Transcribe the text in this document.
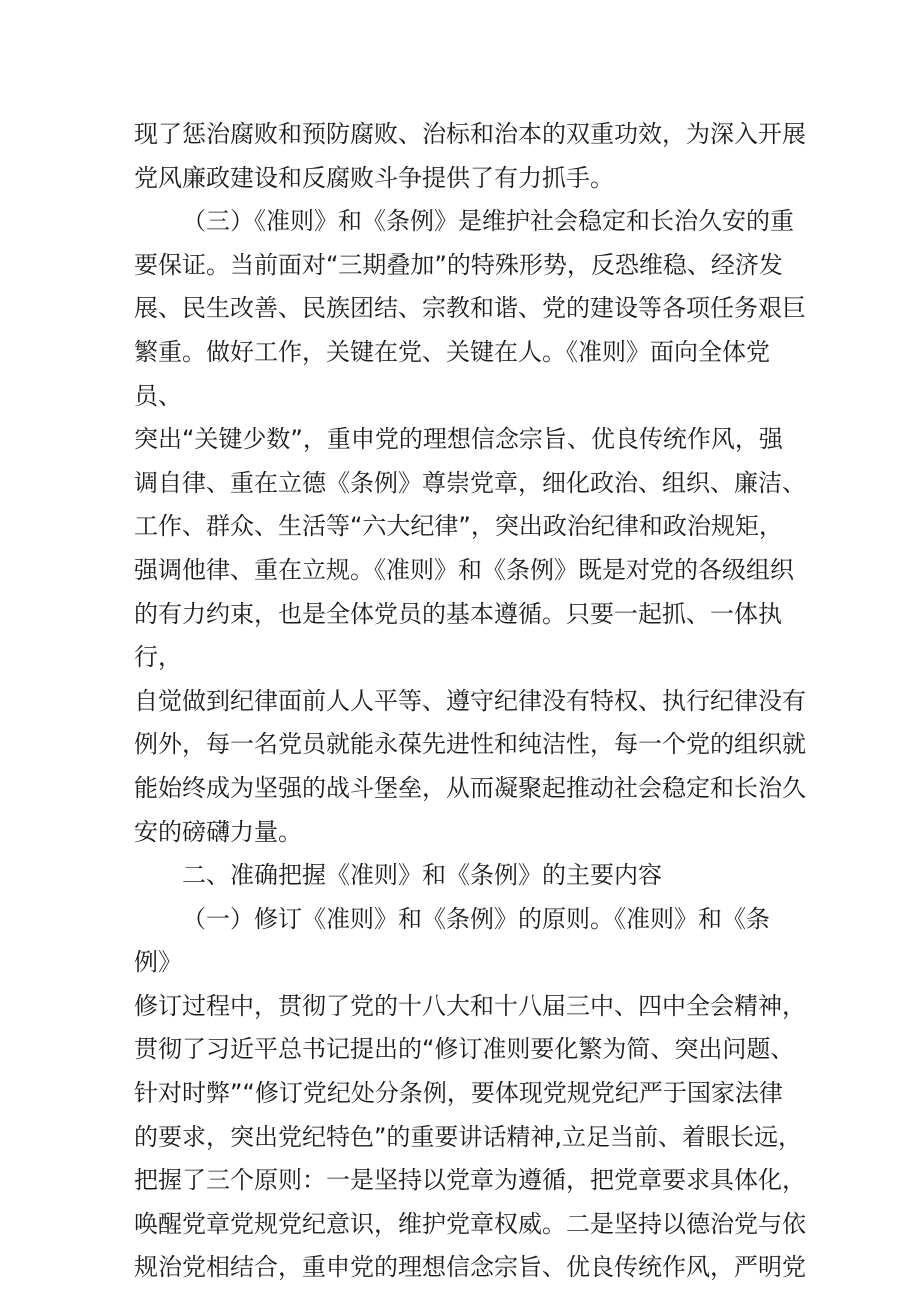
现了惩治腐败和预防腐败、治标和治本的双重功效，为深入开展
党风廉政建设和反腐败斗争提供了有力抓手。

（三）《准则》和《条例》是维护社会稳定和长治久安的重
要保证。当前面对“三期叠加”的特殊形势，反恐维稳、经济发
展、民生改善、民族团结、宗教和谐、党的建设等各项任务艰巨
繁重。做好工作，关键在党、关键在人。《准则》面向全体党员、
突出“关键少数”，重申党的理想信念宗旨、优良传统作风，强
调自律、重在立德《条例》尊崇党章，细化政治、组织、廉洁、
工作、群众、生活等“六大纪律”，突出政治纪律和政治规矩，
强调他律、重在立规。《准则》和《条例》既是对党的各级组织
的有力约束，也是全体党员的基本遵循。只要一起抓、一体执行，
自觉做到纪律面前人人平等、遵守纪律没有特权、执行纪律没有
例外，每一名党员就能永葆先进性和纯洁性，每一个党的组织就
能始终成为坚强的战斗堡垒，从而凝聚起推动社会稳定和长治久
安的磅礴力量。

二、准确把握《准则》和《条例》的主要内容

（一）修订《准则》和《条例》的原则。《准则》和《条例》
修订过程中，贯彻了党的十八大和十八届三中、四中全会精神，
贯彻了习近平总书记提出的“修订准则要化繁为简、突出问题、
针对时弊”“修订党纪处分条例，要体现党规党纪严于国家法律
的要求，突出党纪特色”的重要讲话精神,立足当前、着眼长远，
把握了三个原则：一是坚持以党章为遵循，把党章要求具体化，
唤醒党章党规党纪意识，维护党章权威。二是坚持以德治党与依
规治党相结合，重申党的理想信念宗旨、优良传统作风，严明党
